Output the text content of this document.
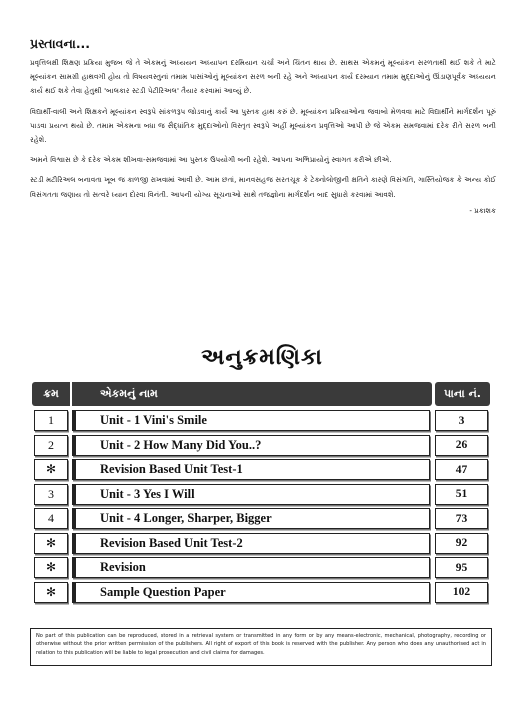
પ્રસ્તાવના...

પ્રવૃત્તિલક્ષી શિક્ષણ પ્રક્રિયા મુજબ જે તે એકમનું અધ્યયન અધ્યાપન દરમિયાન ચર્ચા અને ચિંતન થાય છે. સાથસ એકમનું મૂલ્યાંકન સરળતાથી થઈ શકે તે માટે મૂલ્યાંકન સામગ્રી હાથવગી હોય તો વિષયવસ્તુનાં તમામ પાસાંઓનું મૂલ્યાંકન સરળ બની રહે અને અધ્યાપન કાર્ય દરમ્યાન તમામ મુદ્દાઓનું ઊંડાણપૂર્વક અધ્યયન કાર્ય થઈ શકે તેવા હેતુથી 'બાલકાર સ્ટડી પેટીરિઅલ' તૈયાર કરવામાં આવ્યું છે.

વિદ્યાર્થી-વાલી અને શિક્ષકને મૂલ્યાંકન સ્વરૂપે સાંકળરૂપ જોડવાનું કાર્ય આ પુસ્તક હાથ કરું છે. મૂલ્યાંકન પ્રક્રિયાઓના જવાબો મેળવવા માટે વિદ્યાર્થીને માર્ગદર્શન પૂરું પાડવા પ્રયત્ન થયો છે. તમામ એકમના બધા જ સૈદ્ધાંતિક મુદ્દાઓનો વિસ્તૃત સ્વરૂપે અહીં મૂલ્યાંકન પ્રવૃત્તિઓ આપી છે જે એકમ સમજવામાં દરેક રીતે સરળ બની રહેશે.

અમને વિશ્વાસ છે કે દરેક એકમ શીખવા-સમજવામાં આ પુસ્તક ઉપયોગી બની રહેશે. આપના અભિપ્રાયોનું સ્વાગત કરીએ છીએ.

સ્ટડી મટીરિઅલ બનાવતા ખૂબ જ કાળજી રાખવામાં આવી છે. આમ છતાં, માનવસહજ સરતચૂક કે ટેક્નોલોજીની ક્ષતિને કારણે વિસંગતિ, ગાસ્તિયોજક કે અન્ય કોઈ વિસંગતતા જણાય તો સત્વરે ધ્યાન દોરવા વિનંતી. આપની યોગ્ય સૂચનાઓ સાથે તજજ્ઞોના માર્ગદર્શન બાદ સુધારો કરવામાં આવશે.

- પ્રકાશક
અનુક્રમણિકા
ક્રમ	એકમનું નામ	પાના નં.
1	Unit - 1 Vini's Smile	3
2	Unit - 2 How Many Did You..?	26
✻	Revision Based Unit Test-1	47
3	Unit - 3 Yes I Will	51
4	Unit - 4 Longer, Sharper, Bigger	73
✻	Revision Based Unit Test-2	92
✻	Revision	95
✻	Sample Question Paper	102
No part of this publication can be reproduced, stored in a retrieval system or transmitted in any form or by any means-electronic, mechanical, photography, recording or otherwise without the prior written permission of the publishers. All right of export of this book is reserved with the publisher. Any person who does any unauthorised act in relation to this publication will be liable to legal prosecution and civil claims for damages.
